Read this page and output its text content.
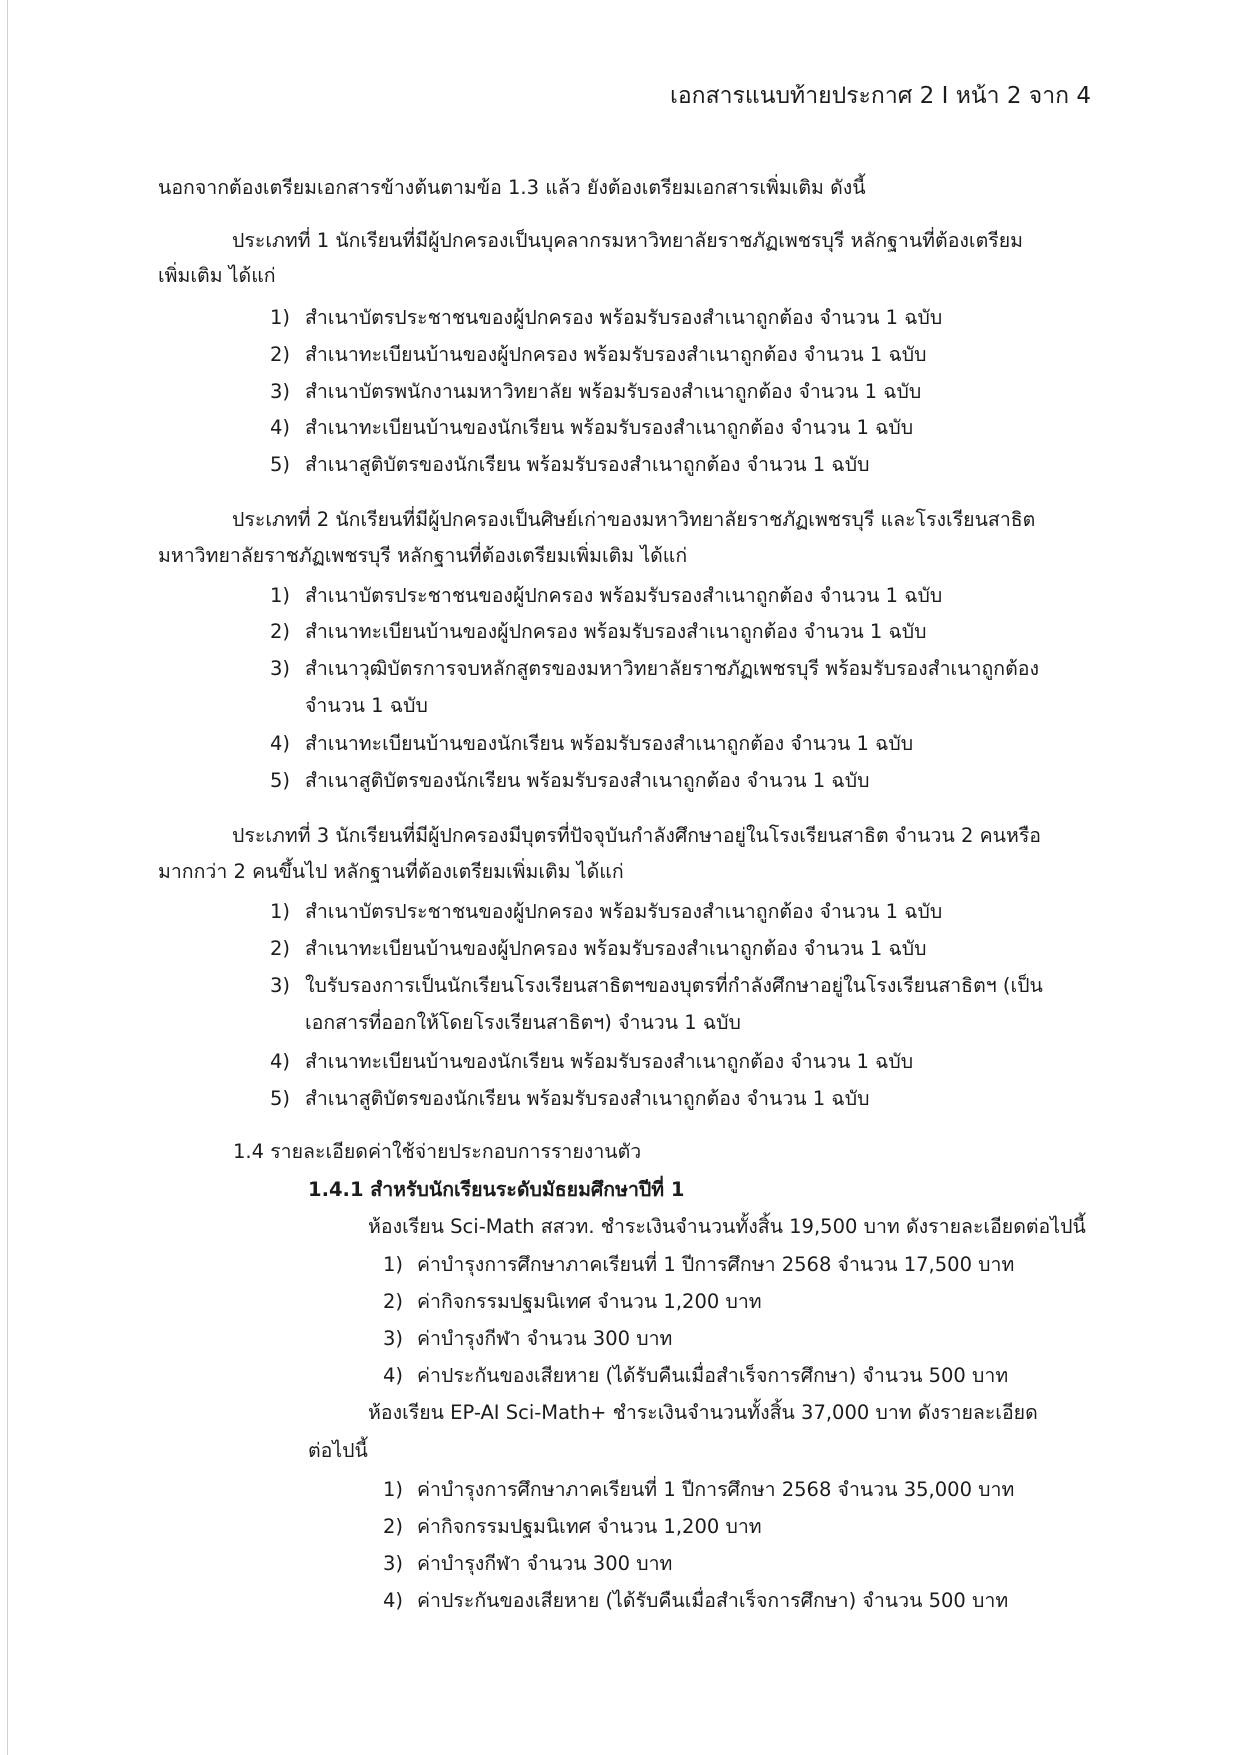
เอกสารแนบท้ายประกาศ 2 I หน้า 2 จาก 4
นอกจากต้องเตรียมเอกสารข้างต้นตามข้อ 1.3 แล้ว ยังต้องเตรียมเอกสารเพิ่มเติม ดังนี้
ประเภทที่ 1 นักเรียนที่มีผู้ปกครองเป็นบุคลากรมหาวิทยาลัยราชภัฏเพชรบุรี หลักฐานที่ต้องเตรียม
เพิ่มเติม ได้แก่
1) สำเนาบัตรประชาชนของผู้ปกครอง พร้อมรับรองสำเนาถูกต้อง จำนวน 1 ฉบับ
2) สำเนาทะเบียนบ้านของผู้ปกครอง พร้อมรับรองสำเนาถูกต้อง จำนวน 1 ฉบับ
3) สำเนาบัตรพนักงานมหาวิทยาลัย พร้อมรับรองสำเนาถูกต้อง จำนวน 1 ฉบับ
4) สำเนาทะเบียนบ้านของนักเรียน พร้อมรับรองสำเนาถูกต้อง จำนวน 1 ฉบับ
5) สำเนาสูติบัตรของนักเรียน พร้อมรับรองสำเนาถูกต้อง จำนวน 1 ฉบับ
ประเภทที่ 2 นักเรียนที่มีผู้ปกครองเป็นศิษย์เก่าของมหาวิทยาลัยราชภัฏเพชรบุรี และโรงเรียนสาธิต
มหาวิทยาลัยราชภัฏเพชรบุรี หลักฐานที่ต้องเตรียมเพิ่มเติม ได้แก่
1) สำเนาบัตรประชาชนของผู้ปกครอง พร้อมรับรองสำเนาถูกต้อง จำนวน 1 ฉบับ
2) สำเนาทะเบียนบ้านของผู้ปกครอง พร้อมรับรองสำเนาถูกต้อง จำนวน 1 ฉบับ
3) สำเนาวุฒิบัตรการจบหลักสูตรของมหาวิทยาลัยราชภัฏเพชรบุรี พร้อมรับรองสำเนาถูกต้อง
จำนวน 1 ฉบับ
4) สำเนาทะเบียนบ้านของนักเรียน พร้อมรับรองสำเนาถูกต้อง จำนวน 1 ฉบับ
5) สำเนาสูติบัตรของนักเรียน พร้อมรับรองสำเนาถูกต้อง จำนวน 1 ฉบับ
ประเภทที่ 3 นักเรียนที่มีผู้ปกครองมีบุตรที่ปัจจุบันกำลังศึกษาอยู่ในโรงเรียนสาธิต จำนวน 2 คนหรือ
มากกว่า 2 คนขึ้นไป หลักฐานที่ต้องเตรียมเพิ่มเติม ได้แก่
1) สำเนาบัตรประชาชนของผู้ปกครอง พร้อมรับรองสำเนาถูกต้อง จำนวน 1 ฉบับ
2) สำเนาทะเบียนบ้านของผู้ปกครอง พร้อมรับรองสำเนาถูกต้อง จำนวน 1 ฉบับ
3) ใบรับรองการเป็นนักเรียนโรงเรียนสาธิตฯของบุตรที่กำลังศึกษาอยู่ในโรงเรียนสาธิตฯ (เป็น
เอกสารที่ออกให้โดยโรงเรียนสาธิตฯ) จำนวน 1 ฉบับ
4) สำเนาทะเบียนบ้านของนักเรียน พร้อมรับรองสำเนาถูกต้อง จำนวน 1 ฉบับ
5) สำเนาสูติบัตรของนักเรียน พร้อมรับรองสำเนาถูกต้อง จำนวน 1 ฉบับ
1.4 รายละเอียดค่าใช้จ่ายประกอบการรายงานตัว
1.4.1 สำหรับนักเรียนระดับมัธยมศึกษาปีที่ 1
ห้องเรียน Sci-Math สสวท. ชำระเงินจำนวนทั้งสิ้น 19,500 บาท ดังรายละเอียดต่อไปนี้
1) ค่าบำรุงการศึกษาภาคเรียนที่ 1 ปีการศึกษา 2568 จำนวน 17,500 บาท
2) ค่ากิจกรรมปฐมนิเทศ จำนวน 1,200 บาท
3) ค่าบำรุงกีฬา จำนวน 300 บาท
4) ค่าประกันของเสียหาย (ได้รับคืนเมื่อสำเร็จการศึกษา) จำนวน 500 บาท
ห้องเรียน EP-AI Sci-Math+ ชำระเงินจำนวนทั้งสิ้น 37,000 บาท ดังรายละเอียด
ต่อไปนี้
1) ค่าบำรุงการศึกษาภาคเรียนที่ 1 ปีการศึกษา 2568 จำนวน 35,000 บาท
2) ค่ากิจกรรมปฐมนิเทศ จำนวน 1,200 บาท
3) ค่าบำรุงกีฬา จำนวน 300 บาท
4) ค่าประกันของเสียหาย (ได้รับคืนเมื่อสำเร็จการศึกษา) จำนวน 500 บาท
